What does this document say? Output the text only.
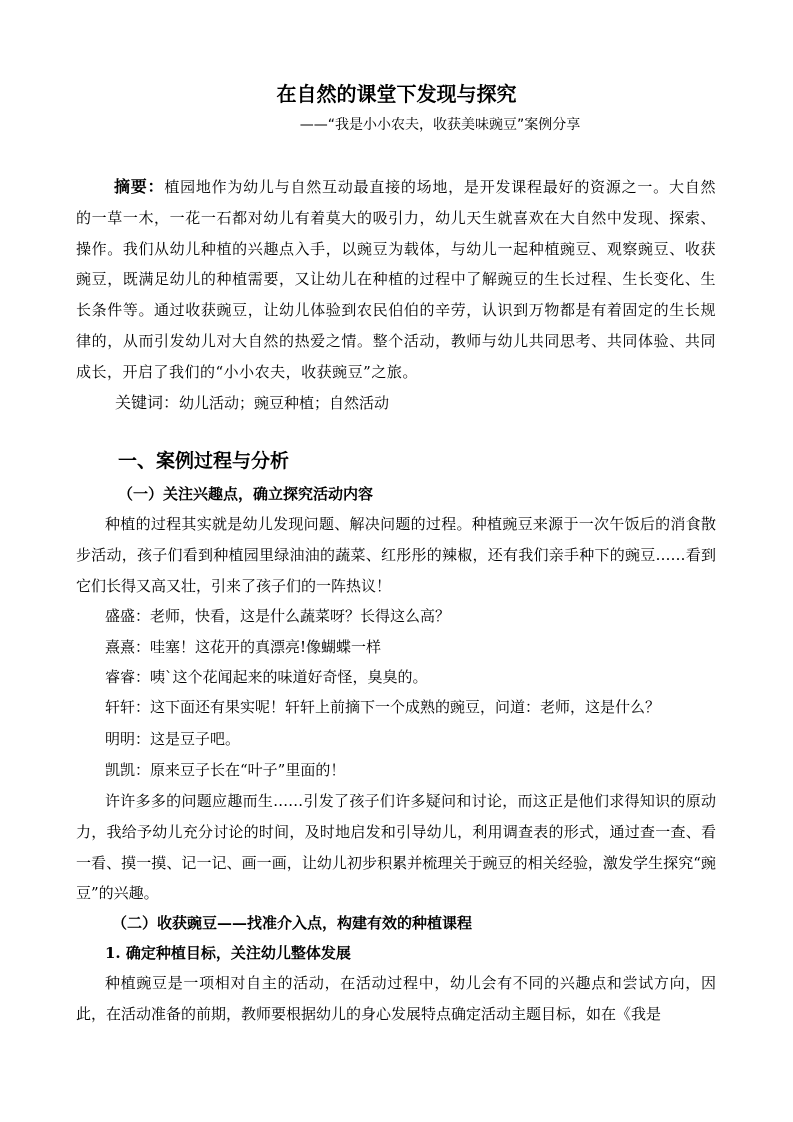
在自然的课堂下发现与探究
——“我是小小农夫，收获美味豌豆”案例分享
摘要：植园地作为幼儿与自然互动最直接的场地，是开发课程最好的资源之一。大自然的一草一木，一花一石都对幼儿有着莫大的吸引力，幼儿天生就喜欢在大自然中发现、探索、操作。我们从幼儿种植的兴趣点入手，以豌豆为载体，与幼儿一起种植豌豆、观察豌豆、收获豌豆，既满足幼儿的种植需要，又让幼儿在种植的过程中了解豌豆的生长过程、生长变化、生长条件等。通过收获豌豆，让幼儿体验到农民伯伯的辛劳，认识到万物都是有着固定的生长规律的，从而引发幼儿对大自然的热爱之情。整个活动，教师与幼儿共同思考、共同体验、共同成长，开启了我们的“小小农夫，收获豌豆”之旅。
关键词：幼儿活动；豌豆种植；自然活动
一、案例过程与分析
（一）关注兴趣点，确立探究活动内容
种植的过程其实就是幼儿发现问题、解决问题的过程。种植豌豆来源于一次午饭后的消食散步活动，孩子们看到种植园里绿油油的蔬菜、红彤彤的辣椒，还有我们亲手种下的豌豆……看到它们长得又高又壮，引来了孩子们的一阵热议！
盛盛：老师，快看，这是什么蔬菜呀？长得这么高？
熹熹：哇塞！这花开的真漂亮!像蝴蝶一样
睿睿：咦`这个花闻起来的味道好奇怪，臭臭的。
轩轩：这下面还有果实呢！轩轩上前摘下一个成熟的豌豆，问道：老师，这是什么？
明明：这是豆子吧。
凯凯：原来豆子长在“叶子”里面的！
许许多多的问题应趣而生……引发了孩子们许多疑问和讨论，而这正是他们求得知识的原动力，我给予幼儿充分讨论的时间，及时地启发和引导幼儿，利用调查表的形式，通过查一查、看一看、摸一摸、记一记、画一画，让幼儿初步积累并梳理关于豌豆的相关经验，激发学生探究“豌豆”的兴趣。
（二）收获豌豆——找准介入点，构建有效的种植课程
1. 确定种植目标，关注幼儿整体发展
种植豌豆是一项相对自主的活动，在活动过程中，幼儿会有不同的兴趣点和尝试方向，因此，在活动准备的前期，教师要根据幼儿的身心发展特点确定活动主题目标，如在《我是
